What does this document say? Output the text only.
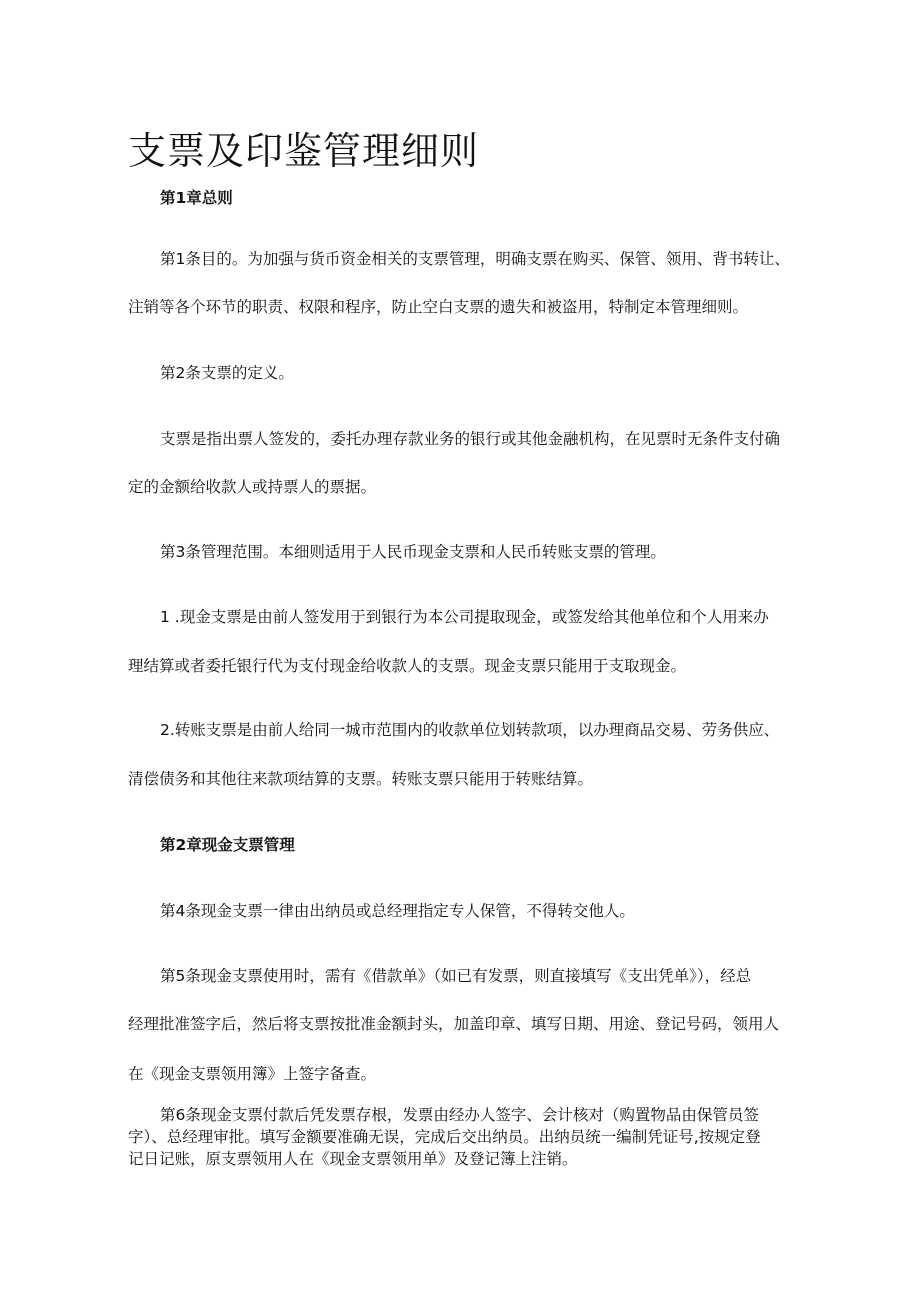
支票及印鉴管理细则
第1章总则
第1条目的。为加强与货币资金相关的支票管理，明确支票在购买、保管、领用、背书转让、
注销等各个环节的职责、权限和程序，防止空白支票的遗失和被盗用，特制定本管理细则。
第2条支票的定义。
支票是指出票人签发的，委托办理存款业务的银行或其他金融机构，在见票时无条件支付确
定的金额给收款人或持票人的票据。
第3条管理范围。本细则适用于人民币现金支票和人民币转账支票的管理。
1 .现金支票是由前人签发用于到银行为本公司提取现金，或签发给其他单位和个人用来办
理结算或者委托银行代为支付现金给收款人的支票。现金支票只能用于支取现金。
2.转账支票是由前人给同一城市范围内的收款单位划转款项，以办理商品交易、劳务供应、
清偿债务和其他往来款项结算的支票。转账支票只能用于转账结算。
第2章现金支票管理
第4条现金支票一律由出纳员或总经理指定专人保管，不得转交他人。
第5条现金支票使用时，需有《借款单》（如已有发票，则直接填写《支出凭单》），经总
经理批准签字后，然后将支票按批准金额封头，加盖印章、填写日期、用途、登记号码，领用人
在《现金支票领用簿》上签字备查。
第6条现金支票付款后凭发票存根，发票由经办人签字、会计核对（购置物品由保管员签
字）、总经理审批。填写金额要准确无误，完成后交出纳员。出纳员统一编制凭证号,按规定登
记日记账，原支票领用人在《现金支票领用单》及登记簿上注销。
